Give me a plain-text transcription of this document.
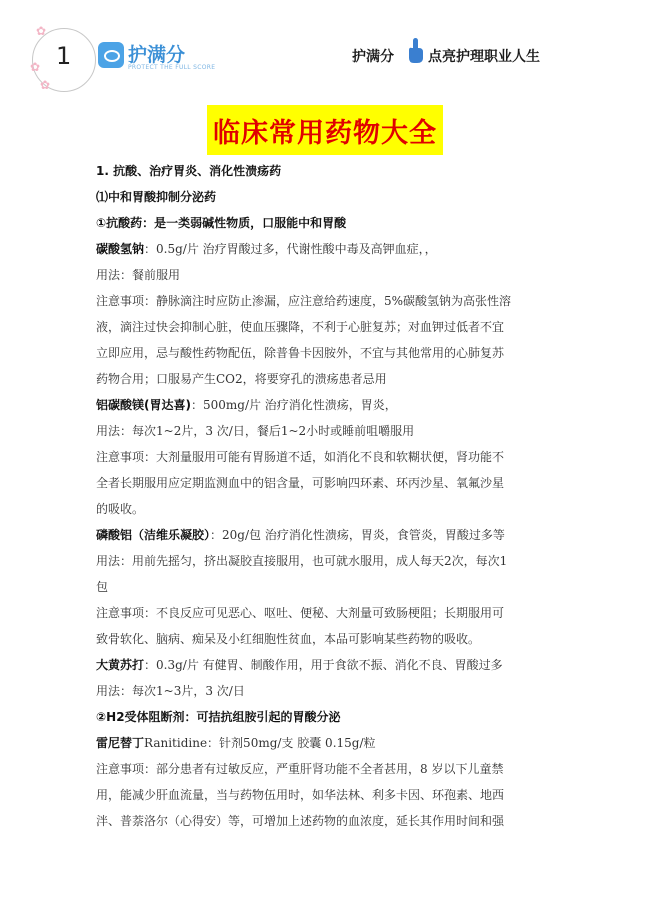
✿
✿
✿
1	护满分
PROTECT THE FULL SCORE
护满分 点亮护理职业人生
临床常用药物大全
1. 抗酸、治疗胃炎、消化性溃疡药
⑴中和胃酸抑制分泌药
①抗酸药：是一类弱碱性物质，口服能中和胃酸
碳酸氢钠：0.5g/片 治疗胃酸过多，代谢性酸中毒及高钾血症，，
用法：餐前服用
注意事项：静脉滴注时应防止渗漏，应注意给药速度，5%碳酸氢钠为高张性溶
液，滴注过快会抑制心脏，使血压骤降，不利于心脏复苏；对血钾过低者不宜
立即应用，忌与酸性药物配伍，除普鲁卡因胺外，不宜与其他常用的心肺复苏
药物合用；口服易产生CO2，将要穿孔的溃疡患者忌用
铝碳酸镁(胃达喜)：500mg/片 治疗消化性溃疡，胃炎，
用法：每次1~2片，3 次/日，餐后1~2小时或睡前咀嚼服用
注意事项：大剂量服用可能有胃肠道不适，如消化不良和软糊状便，肾功能不
全者长期服用应定期监测血中的铝含量，可影响四环素、环丙沙星、氧氟沙星
的吸收。
磷酸铝（洁维乐凝胶）：20g/包 治疗消化性溃疡，胃炎，食管炎，胃酸过多等
用法：用前先摇匀，挤出凝胶直接服用，也可就水服用，成人每天2次，每次1
包
注意事项：不良反应可见恶心、呕吐、便秘、大剂量可致肠梗阻；长期服用可
致骨软化、脑病、痴呆及小红细胞性贫血，本品可影响某些药物的吸收。
大黄苏打：0.3g/片 有健胃、制酸作用，用于食欲不振、消化不良、胃酸过多
用法：每次1~3片，3 次/日
②H2受体阻断剂：可拮抗组胺引起的胃酸分泌
雷尼替丁Ranitidine：针剂50mg/支 胶囊 0.15g/粒
注意事项：部分患者有过敏反应，严重肝肾功能不全者甚用，8 岁以下儿童禁
用，能减少肝血流量，当与药物伍用时，如华法林、利多卡因、环孢素、地西
泮、普萘洛尔（心得安）等，可增加上述药物的血浓度，延长其作用时间和强
